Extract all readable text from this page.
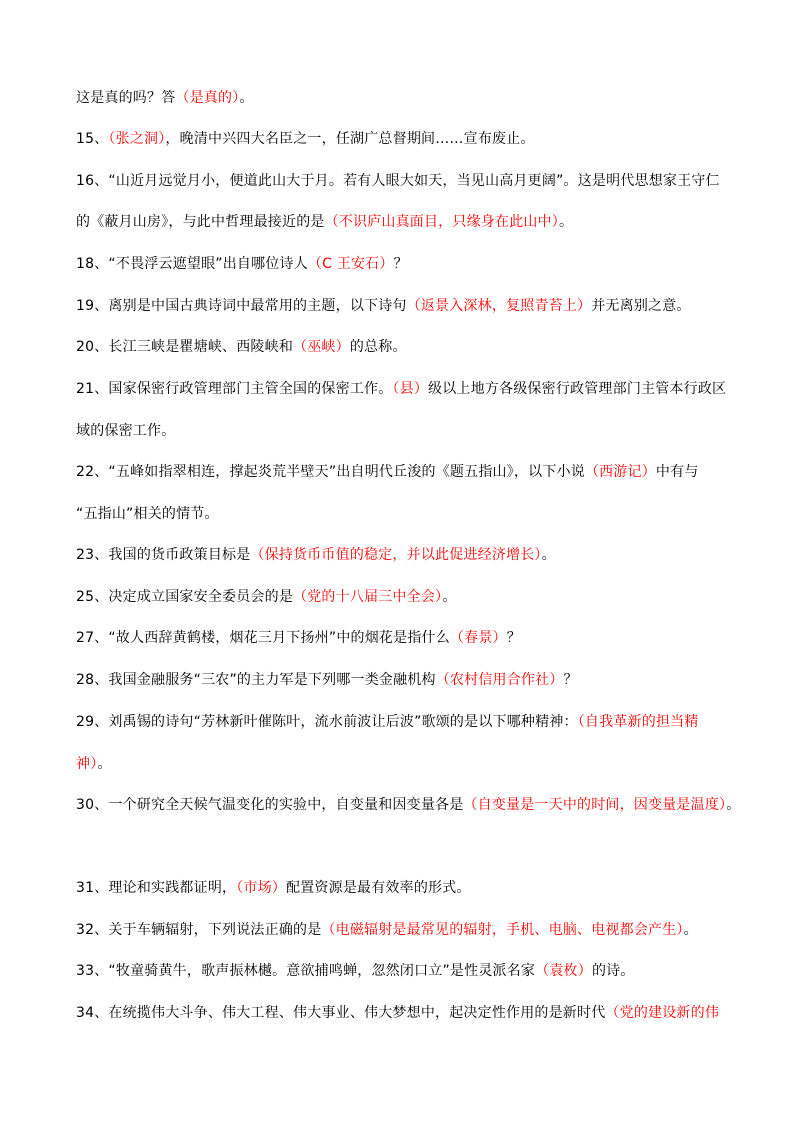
这是真的吗？答（是真的）。
15、（张之洞），晚清中兴四大名臣之一，任湖广总督期间……宣布废止。
16、“山近月远觉月小，便道此山大于月。若有人眼大如天，当见山高月更阔”。这是明代思想家王守仁
的《蔽月山房》，与此中哲理最接近的是（不识庐山真面目，只缘身在此山中）。
18、“不畏浮云遮望眼”出自哪位诗人（C 王安石）？
19、离别是中国古典诗词中最常用的主题，以下诗句（返景入深林，复照青苔上）并无离别之意。
20、长江三峡是瞿塘峡、西陵峡和（巫峡）的总称。
21、国家保密行政管理部门主管全国的保密工作。（县）级以上地方各级保密行政管理部门主管本行政区
域的保密工作。
22、“五峰如指翠相连，撑起炎荒半壁天”出自明代丘浚的《题五指山》，以下小说（西游记）中有与
“五指山”相关的情节。
23、我国的货币政策目标是（保持货币币值的稳定，并以此促进经济增长）。
25、决定成立国家安全委员会的是（党的十八届三中全会）。
27、“故人西辞黄鹤楼，烟花三月下扬州”中的烟花是指什么（春景）？
28、我国金融服务“三农”的主力军是下列哪一类金融机构（农村信用合作社）？
29、刘禹锡的诗句“芳林新叶催陈叶，流水前波让后波”歌颂的是以下哪种精神：（自我革新的担当精
神）。
30、一个研究全天候气温变化的实验中，自变量和因变量各是（自变量是一天中的时间，因变量是温度）。
31、理论和实践都证明，（市场）配置资源是最有效率的形式。
32、关于车辆辐射，下列说法正确的是（电磁辐射是最常见的辐射，手机、电脑、电视都会产生）。
33、“牧童骑黄牛，歌声振林樾。意欲捕鸣蝉，忽然闭口立”是性灵派名家（袁枚）的诗。
34、在统揽伟大斗争、伟大工程、伟大事业、伟大梦想中，起决定性作用的是新时代（党的建设新的伟
